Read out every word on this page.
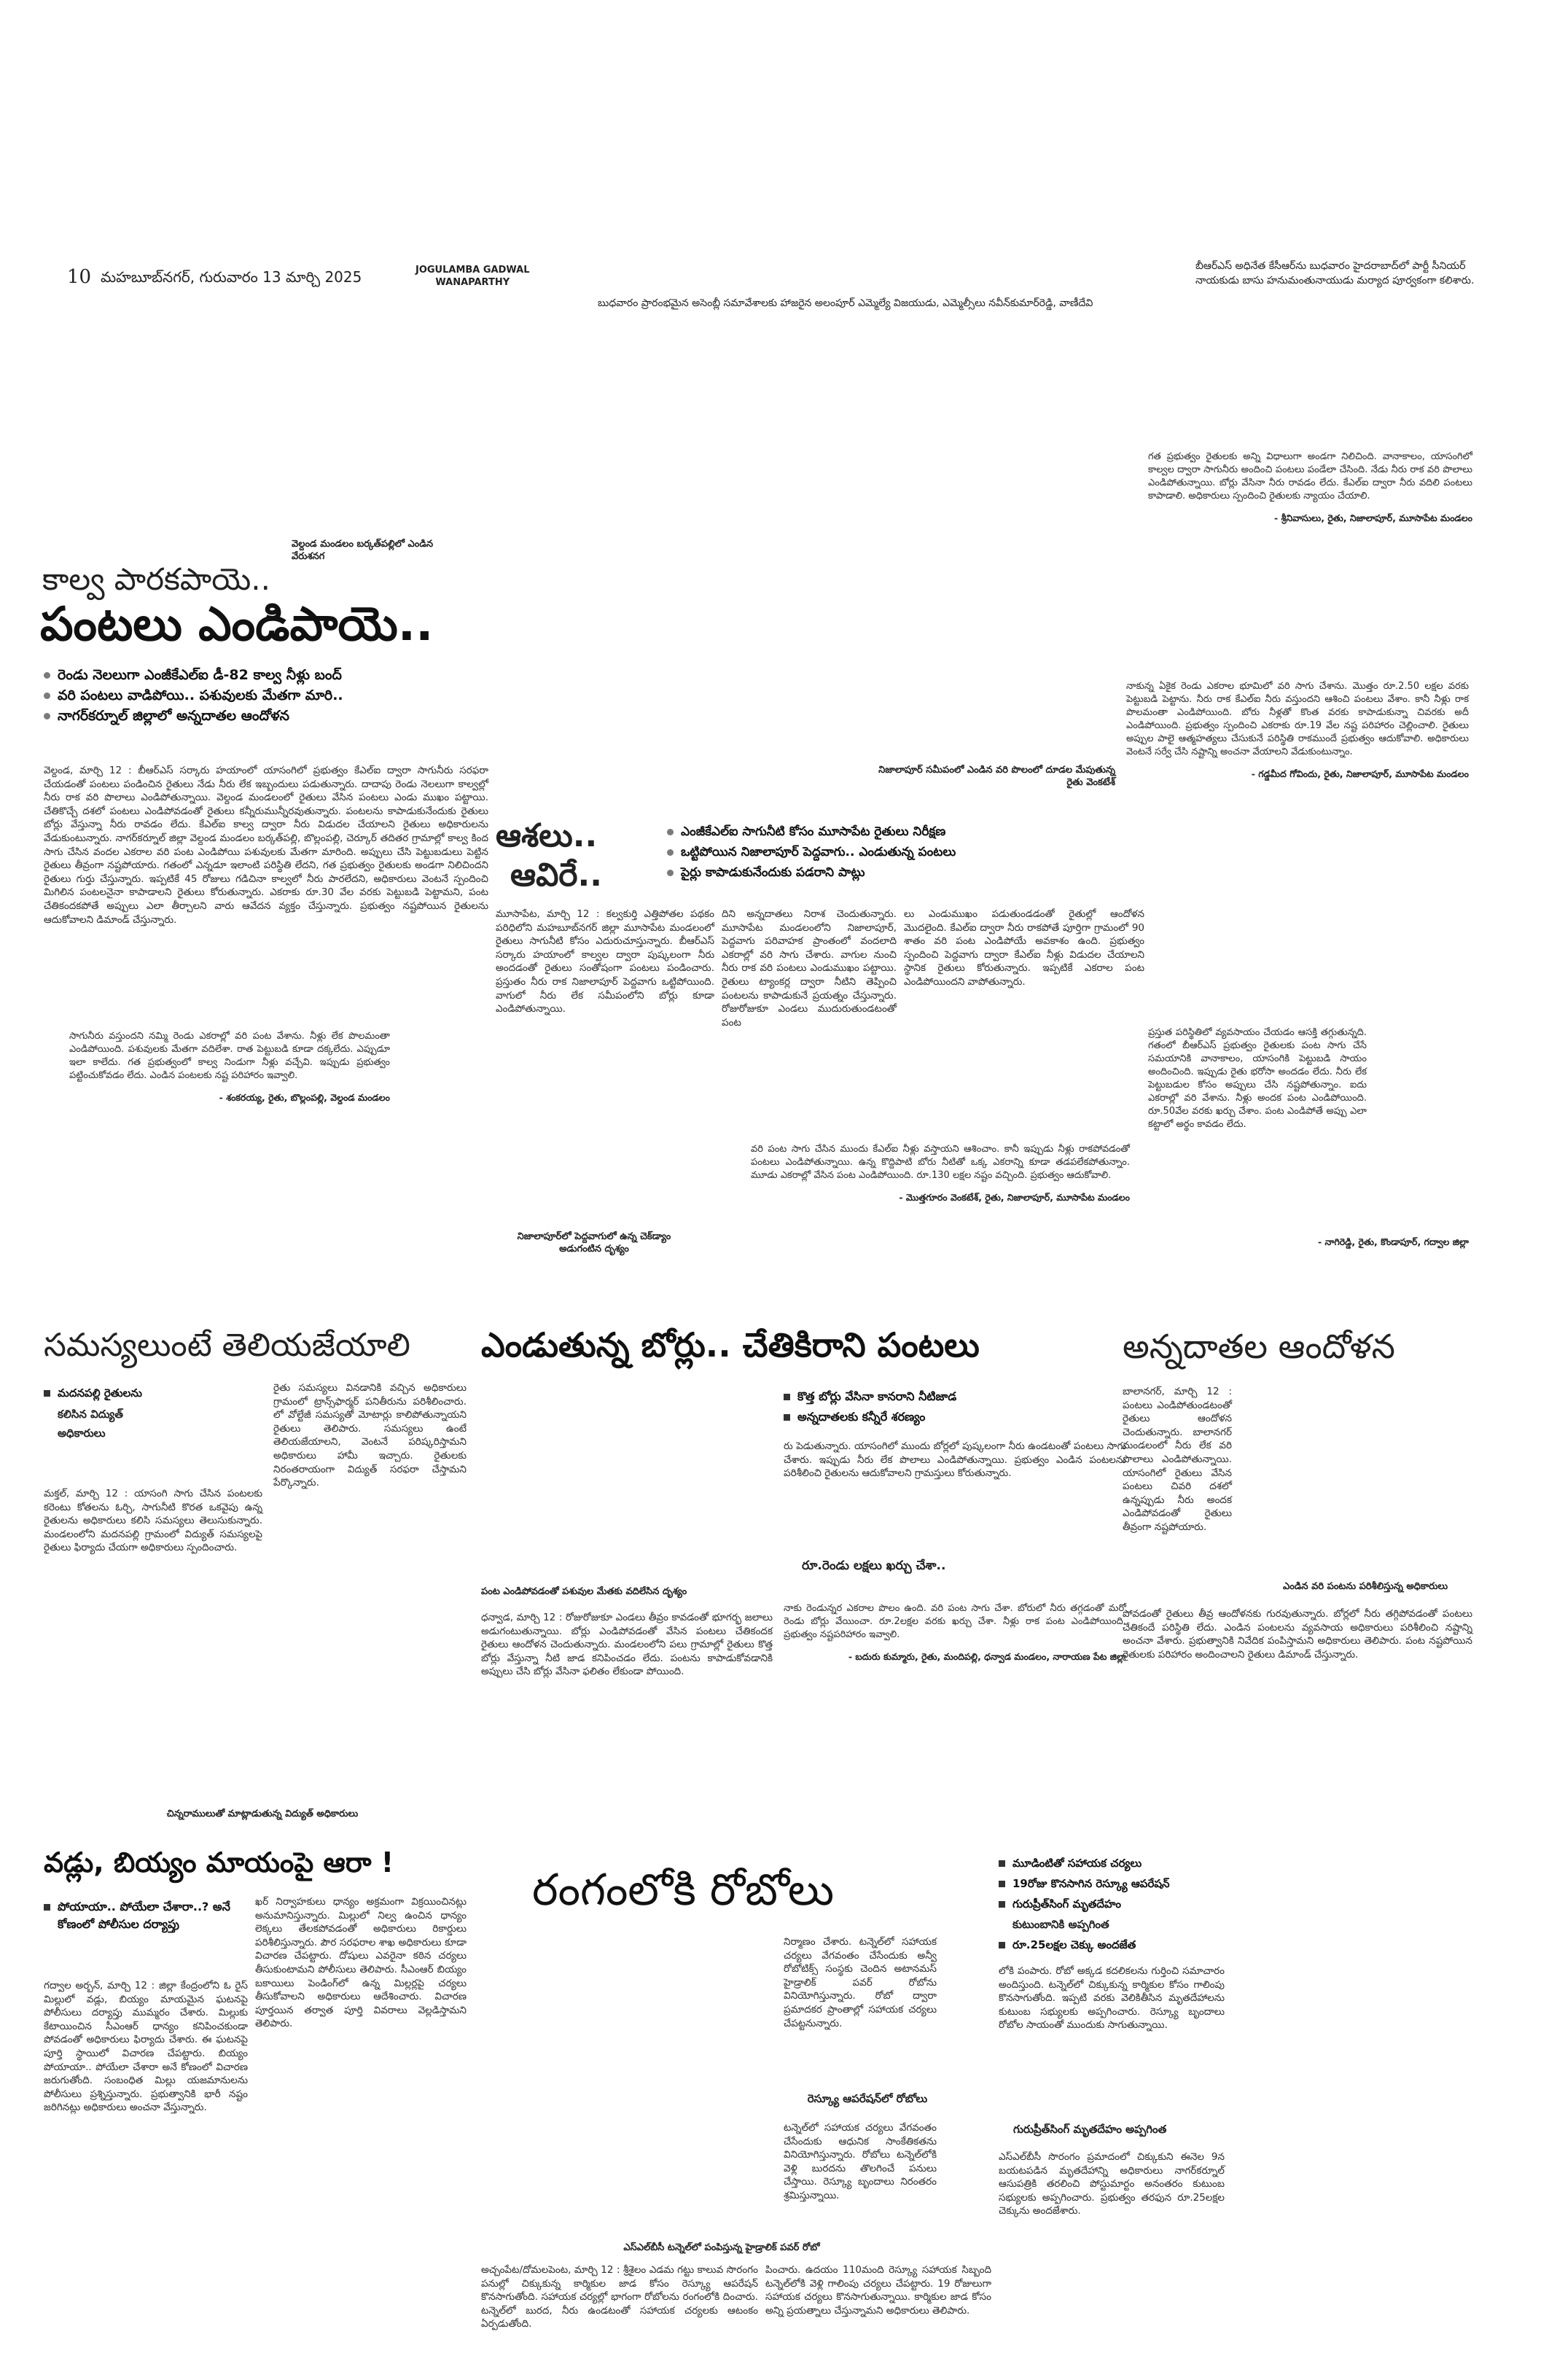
10 మహబూబ్‌నగర్, గురువారం 13 మార్చి 2025	JOGULAMBA GADWAL
WANAPARTHY
బుధవారం ప్రారంభమైన అసెంబ్లీ సమావేశాలకు హాజరైన అలంపూర్ ఎమ్మెల్యే విజయుడు, ఎమ్మెల్సీలు నవీన్‌కుమార్‌రెడ్డి, వాణీదేవి
బీఆర్‌ఎస్ అధినేత కేసీఆర్‌ను బుధవారం హైదరాబాద్‌లో పార్టీ సీనియర్ నాయకుడు బాసు హనుమంతునాయుడు మర్యాద పూర్వకంగా కలిశారు.

గత ప్రభుత్వం రైతులకు అన్ని విధాలుగా అండగా నిలిచింది. వానాకాలం, యాసంగిలో కాల్వల ద్వారా సాగునీరు అందించి పంటలు పండేలా చేసింది. నేడు నీరు రాక వరి పొలాలు ఎండిపోతున్నాయి. బోర్లు వేసినా నీరు రావడం లేదు. కేఎల్‌ఐ ద్వారా నీరు వదిలి పంటలు కాపాడాలి. అధికారులు స్పందించి రైతులకు న్యాయం చేయాలి.

- శ్రీనివాసులు, రైతు, నిజాలాపూర్, మూసాపేట మండలం
వెల్దండ మండలం బర్కత్‌పల్లిలో ఎండిన వేరుశనగ
కాల్వ పారకపాయె..
పంటలు ఎండిపాయె..
రెండు నెలలుగా ఎంజీకేఎల్‌ఐ డీ-82 కాల్వ నీళ్లు బంద్
వరి పంటలు వాడిపోయి.. పశువులకు మేతగా మారి..
నాగర్‌కర్నూల్ జిల్లాలో అన్నదాతల ఆందోళన

వెల్దండ, మార్చి 12 : బీఆర్‌ఎస్ సర్కారు హయాంలో యాసంగిలో ప్రభుత్వం కేఎల్‌ఐ ద్వారా సాగునీరు సరఫరా చేయడంతో పంటలు పండించిన రైతులు నేడు నీరు లేక ఇబ్బందులు పడుతున్నారు. దాదాపు రెండు నెలలుగా కాల్వల్లో నీరు రాక వరి పొలాలు ఎండిపోతున్నాయి. వెల్దండ మండలంలో రైతులు వేసిన పంటలు ఎండు ముఖం పట్టాయి. చేతికొచ్చే దశలో పంటలు ఎండిపోవడంతో రైతులు కన్నీరుమున్నీరవుతున్నారు. పంటలను కాపాడుకునేందుకు రైతులు బోర్లు వేస్తున్నా నీరు రావడం లేదు. కేఎల్‌ఐ కాల్వ ద్వారా నీరు విడుదల చేయాలని రైతులు అధికారులను వేడుకుంటున్నారు. నాగర్‌కర్నూల్ జిల్లా వెల్దండ మండలం బర్కత్‌పల్లి, బొల్లంపల్లి, చెర్కూర్ తదితర గ్రామాల్లో కాల్వ కింద సాగు చేసిన వందల ఎకరాల వరి పంట ఎండిపోయి పశువులకు మేతగా మారింది. అప్పులు చేసి పెట్టుబడులు పెట్టిన రైతులు తీవ్రంగా నష్టపోయారు. గతంలో ఎన్నడూ ఇలాంటి పరిస్థితి లేదని, గత ప్రభుత్వం రైతులకు అండగా నిలిచిందని రైతులు గుర్తు చేస్తున్నారు. ఇప్పటికే 45 రోజులు గడిచినా కాల్వలో నీరు పారలేదని, అధికారులు వెంటనే స్పందించి మిగిలిన పంటలనైనా కాపాడాలని రైతులు కోరుతున్నారు. ఎకరాకు రూ.30 వేల వరకు పెట్టుబడి పెట్టామని, పంట చేతికందకపోతే అప్పులు ఎలా తీర్చాలని వారు ఆవేదన వ్యక్తం చేస్తున్నారు. ప్రభుత్వం నష్టపోయిన రైతులను ఆదుకోవాలని డిమాండ్ చేస్తున్నారు.

సాగునీరు వస్తుందని నమ్మి రెండు ఎకరాల్లో వరి పంట వేశాను. నీళ్లు లేక పొలమంతా ఎండిపోయింది. పశువులకు మేతగా వదిలేశా. రాత పెట్టుబడి కూడా దక్కలేదు. ఎప్పుడూ ఇలా కాలేదు. గత ప్రభుత్వంలో కాల్వ నిండుగా నీళ్లు వచ్చేవి. ఇప్పుడు ప్రభుత్వం పట్టించుకోవడం లేదు. ఎండిన పంటలకు నష్ట పరిహారం ఇవ్వాలి.

- శంకరయ్య, రైతు, బొల్లంపల్లి, వెల్దండ మండలం
నిజాలాపూర్ సమీపంలో ఎండిన వరి పొలంలో దూడల మేపుతున్న రైతు వెంకటేశ్
ఆశలు..
ఆవిరే..
ఎంజీకేఎల్‌ఐ సాగునీటి కోసం మూసాపేట రైతులు నిరీక్షణ
ఒట్టిపోయిన నిజాలాపూర్ పెద్దవాగు.. ఎండుతున్న పంటలు
పైర్లు కాపాడుకునేందుకు పడరాని పాట్లు

మూసాపేట, మార్చి 12 : కల్వకుర్తి ఎత్తిపోతల పథకం పరిధిలోని మహబూబ్‌నగర్ జిల్లా మూసాపేట మండలంలో రైతులు సాగునీటి కోసం ఎదురుచూస్తున్నారు. బీఆర్‌ఎస్ సర్కారు హయాంలో కాల్వల ద్వారా పుష్కలంగా నీరు అందడంతో రైతులు సంతోషంగా పంటలు పండించారు. ప్రస్తుతం నీరు రాక నిజాలాపూర్ పెద్దవాగు ఒట్టిపోయింది. వాగులో నీరు లేక సమీపంలోని బోర్లు కూడా ఎండిపోతున్నాయి.

దిని అన్నదాతలు నిరాశ చెందుతున్నారు. మూసాపేట మండలంలోని నిజాలాపూర్, పెద్దవాగు పరివాహక ప్రాంతంలో వందలాది ఎకరాల్లో వరి సాగు చేశారు. వాగుల నుంచి నీరు రాక వరి పంటలు ఎండుముఖం పట్టాయి. రైతులు ట్యాంకర్ల ద్వారా నీటిని తెప్పించి పంటలను కాపాడుకునే ప్రయత్నం చేస్తున్నారు. రోజురోజుకూ ఎండలు ముదురుతుండటంతో పంట

లు ఎండుముఖం పడుతుండడంతో రైతుల్లో ఆందోళన మొదలైంది. కేఎల్‌ఐ ద్వారా నీరు రాకపోతే పూర్తిగా గ్రామంలో 90 శాతం వరి పంట ఎండిపోయే అవకాశం ఉంది. ప్రభుత్వం స్పందించి పెద్దవాగు ద్వారా కేఎల్‌ఐ నీళ్లు విడుదల చేయాలని స్థానిక రైతులు కోరుతున్నారు. ఇప్పటికే ఎకరాల పంట ఎండిపోయిందని వాపోతున్నారు.

వరి పంట సాగు చేసిన ముందు కేఎల్‌ఐ నీళ్లు వస్తాయని ఆశించాం. కానీ ఇప్పుడు నీళ్లు రాకపోవడంతో పంటలు ఎండిపోతున్నాయి. ఉన్న కొద్దిపాటి బోరు నీటితో ఒక్క ఎకరాన్ని కూడా తడపలేకపోతున్నాం. మూడు ఎకరాల్లో వేసిన పంట ఎండిపోయింది. రూ.130 లక్షల నష్టం వచ్చింది. ప్రభుత్వం ఆదుకోవాలి.

- మొత్తగూరం వెంకటేశ్, రైతు, నిజాలాపూర్, మూసాపేట మండలం
నిజాలాపూర్‌లో పెద్దవాగులో ఉన్న చెక్‌డ్యాం అడుగంటిన దృశ్యం

నాకున్న ఏకైక రెండు ఎకరాల భూమిలో వరి సాగు చేశాను. మొత్తం రూ.2.50 లక్షల వరకు పెట్టుబడి పెట్టాను. నీరు రాక కేఎల్‌ఐ నీరు వస్తుందని ఆశించి పంటలు వేశాం. కానీ నీళ్లు రాక పొలమంతా ఎండిపోయింది. బోరు నీళ్లతో కొంత వరకు కాపాడుకున్నా చివరకు అదీ ఎండిపోయింది. ప్రభుత్వం స్పందించి ఎకరాకు రూ.19 వేల నష్ట పరిహారం చెల్లించాలి. రైతులు అప్పుల పాలై ఆత్మహత్యలు చేసుకునే పరిస్థితి రాకముందే ప్రభుత్వం ఆదుకోవాలి. అధికారులు వెంటనే సర్వే చేసి నష్టాన్ని అంచనా వేయాలని వేడుకుంటున్నాం.

- గడ్డమీద గోవిందు, రైతు, నిజాలాపూర్, మూసాపేట మండలం

ప్రస్తుత పరిస్థితిలో వ్యవసాయం చేయడం ఆసక్తి తగ్గుతున్నది. గతంలో బీఆర్‌ఎస్ ప్రభుత్వం రైతులకు పంట సాగు చేసే సమయానికి వానాకాలం, యాసంగికి పెట్టుబడి సాయం అందించింది. ఇప్పుడు రైతు భరోసా అందడం లేదు. నీరు లేక పెట్టుబడుల కోసం అప్పులు చేసి నష్టపోతున్నాం. ఐదు ఎకరాల్లో వరి వేశాను. నీళ్లు అందక పంట ఎండిపోయింది. రూ.50వేల వరకు ఖర్చు చేశాం. పంట ఎండిపోతే అప్పు ఎలా కట్టాలో అర్థం కావడం లేదు.

- నాగిరెడ్డి, రైతు, కొండాపూర్, గద్వాల జిల్లా
సమస్యలుంటే తెలియజేయాలి ఎండుతున్న బోర్లు.. చేతికిరాని పంటలు	అన్నదాతల ఆందోళన
మదనపల్లి రైతులను
కలిసిన విద్యుత్
అధికారులు

మక్తల్, మార్చి 12 : యాసంగి సాగు చేసిన పంటలకు కరెంటు కోతలను ఓర్చి, సాగునీటి కొరత ఒకవైపు ఉన్న రైతులను అధికారులు కలిసి సమస్యలు తెలుసుకున్నారు. మండలంలోని మదనపల్లి గ్రామంలో విద్యుత్ సమస్యలపై రైతులు ఫిర్యాదు చేయగా అధికారులు స్పందించారు.

రైతు సమస్యలు వినడానికి వచ్చిన అధికారులు గ్రామంలో ట్రాన్స్‌ఫార్మర్ పనితీరును పరిశీలించారు. లో వోల్టేజీ సమస్యతో మోటార్లు కాలిపోతున్నాయని రైతులు తెలిపారు. సమస్యలు ఉంటే తెలియజేయాలని, వెంటనే పరిష్కరిస్తామని అధికారులు హామీ ఇచ్చారు. రైతులకు నిరంతరాయంగా విద్యుత్ సరఫరా చేస్తామని పేర్కొన్నారు.

చిన్నరాములుతో మాట్లాడుతున్న విద్యుత్ అధికారులు
కొత్త బోర్లు వేసినా కానరాని నీటిజాడ
అన్నదాతలకు కన్నీరే శరణ్యం

రు పెడుతున్నారు. యాసంగిలో ముందు బోర్లలో పుష్కలంగా నీరు ఉండటంతో పంటలు సాగు చేశారు. ఇప్పుడు నీరు లేక పొలాలు ఎండిపోతున్నాయి. ప్రభుత్వం ఎండిన పంటలను పరిశీలించి రైతులను ఆదుకోవాలని గ్రామస్తులు కోరుతున్నారు.

రూ.రెండు లక్షలు ఖర్చు చేశా..

నాకు రెండున్నర ఎకరాల పొలం ఉంది. వరి పంట సాగు చేశా. బోరులో నీరు తగ్గడంతో మరో రెండు బోర్లు వేయించా. రూ.2లక్షల వరకు ఖర్చు చేశా. నీళ్లు రాక పంట ఎండిపోయింది. ప్రభుత్వం నష్టపరిహారం ఇవ్వాలి.

- బదురు కుమ్మారు, రైతు, మందిపల్లి, ధన్వాడ మండలం, నారాయణ పేట జిల్లా
పంట ఎండిపోవడంతో పశువుల మేతకు వదిలేసిన దృశ్యం

ధన్వాడ, మార్చి 12 : రోజురోజుకూ ఎండలు తీవ్రం కావడంతో భూగర్భ జలాలు అడుగంటుతున్నాయి. బోర్లు ఎండిపోవడంతో వేసిన పంటలు చేతికందక రైతులు ఆందోళన చెందుతున్నారు. మండలంలోని పలు గ్రామాల్లో రైతులు కొత్త బోర్లు వేస్తున్నా నీటి జాడ కనిపించడం లేదు. పంటను కాపాడుకోవడానికి అప్పులు చేసి బోర్లు వేసినా ఫలితం లేకుండా పోయింది.

బాలానగర్, మార్చి 12 : పంటలు ఎండిపోతుండటంతో రైతులు ఆందోళన చెందుతున్నారు. బాలానగర్ మండలంలో నీరు లేక వరి పొలాలు ఎండిపోతున్నాయి. యాసంగిలో రైతులు వేసిన పంటలు చివరి దశలో ఉన్నప్పుడు నీరు అందక ఎండిపోవడంతో రైతులు తీవ్రంగా నష్టపోయారు.

ఎండిన వరి పంటను పరిశీలిస్తున్న అధికారులు

పోవడంతో రైతులు తీవ్ర ఆందోళనకు గురవుతున్నారు. బోర్లలో నీరు తగ్గిపోవడంతో పంటలు చేతికందే పరిస్థితి లేదు. ఎండిన పంటలను వ్యవసాయ అధికారులు పరిశీలించి నష్టాన్ని అంచనా వేశారు. ప్రభుత్వానికి నివేదిక పంపిస్తామని అధికారులు తెలిపారు. పంట నష్టపోయిన రైతులకు పరిహారం అందించాలని రైతులు డిమాండ్ చేస్తున్నారు.

వడ్లు, బియ్యం మాయంపై ఆరా !
పోయాయా.. పోయేలా చేశారా..? అనే కోణంలో పోలీసుల దర్యాప్తు

గద్వాల అర్బన్, మార్చి 12 : జిల్లా కేంద్రంలోని ఓ రైస్ మిల్లులో వడ్లు, బియ్యం మాయమైన ఘటనపై పోలీసులు దర్యాప్తు ముమ్మరం చేశారు. మిల్లుకు కేటాయించిన సీఎంఆర్ ధాన్యం కనిపించకుండా పోవడంతో అధికారులు ఫిర్యాదు చేశారు. ఈ ఘటనపై పూర్తి స్థాయిలో విచారణ చేపట్టారు. బియ్యం పోయాయా.. పోయేలా చేశారా అనే కోణంలో విచారణ జరుగుతోంది. సంబంధిత మిల్లు యజమానులను పోలీసులు ప్రశ్నిస్తున్నారు. ప్రభుత్వానికి భారీ నష్టం జరిగినట్లు అధికారులు అంచనా వేస్తున్నారు.

ఖర్ నిర్వాహకులు ధాన్యం అక్రమంగా విక్రయించినట్లు అనుమానిస్తున్నారు. మిల్లులో నిల్వ ఉంచిన ధాన్యం లెక్కలు తేలకపోవడంతో అధికారులు రికార్డులు పరిశీలిస్తున్నారు. పౌర సరఫరాల శాఖ అధికారులు కూడా విచారణ చేపట్టారు. దోషులు ఎవరైనా కఠిన చర్యలు తీసుకుంటామని పోలీసులు తెలిపారు. సీఎంఆర్ బియ్యం బకాయిలు పెండింగ్‌లో ఉన్న మిల్లర్లపై చర్యలు తీసుకోవాలని అధికారులు ఆదేశించారు. విచారణ పూర్తయిన తర్వాత పూర్తి వివరాలు వెల్లడిస్తామని తెలిపారు.

రంగంలోకి రోబోలు

నిర్మాణం చేశారు. టన్నెల్‌లో సహాయక చర్యలు వేగవంతం చేసేందుకు అన్వీ రోబోటిక్స్ సంస్థకు చెందిన అటానమస్ హైడ్రాలిక్ పవర్ రోబోను వినియోగిస్తున్నారు. రోబో ద్వారా ప్రమాదకర ప్రాంతాల్లో సహాయక చర్యలు చేపట్టనున్నారు.

రెస్క్యూ ఆపరేషన్‌లో రోబోలు

టన్నెల్‌లో సహాయక చర్యలు వేగవంతం చేసేందుకు ఆధునిక సాంకేతికతను వినియోగిస్తున్నారు. రోబోలు టన్నెల్‌లోకి వెళ్లి బురదను తొలగించే పనులు చేస్తాయి. రెస్క్యూ బృందాలు నిరంతరం శ్రమిస్తున్నాయి.

ఎస్‌ఎల్‌బీసీ టన్నెల్‌లో పంపిస్తున్న హైడ్రాలిక్ పవర్ రోబో

అచ్చంపేట/దోమలపెంట, మార్చి 12 : శ్రీశైలం ఎడమ గట్టు కాలువ సొరంగం పనుల్లో చిక్కుకున్న కార్మికుల జాడ కోసం రెస్క్యూ ఆపరేషన్ కొనసాగుతోంది. సహాయక చర్యల్లో భాగంగా రోబోలను రంగంలోకి దించారు. టన్నెల్‌లో బురద, నీరు ఉండటంతో సహాయక చర్యలకు ఆటంకం ఏర్పడుతోంది.

పించారు. ఉదయం 110మంది రెస్క్యూ సహాయక సిబ్బంది టన్నెల్‌లోకి వెళ్లి గాలింపు చర్యలు చేపట్టారు. 19 రోజులుగా సహాయక చర్యలు కొనసాగుతున్నాయి. కార్మికుల జాడ కోసం అన్ని ప్రయత్నాలు చేస్తున్నామని అధికారులు తెలిపారు.

మూడింటితో సహాయక చర్యలు
19రోజు కొనసాగిన రెస్క్యూ ఆపరేషన్
గురుప్రీత్‌సింగ్ మృతదేహం
కుటుంబానికి అప్పగింత
రూ.25లక్షల చెక్కు అందజేత

లోకి పంపారు. రోబో అక్కడ కదలికలను గుర్తించి సమాచారం అందిస్తుంది. టన్నెల్‌లో చిక్కుకున్న కార్మికుల కోసం గాలింపు కొనసాగుతోంది. ఇప్పటి వరకు వెలికితీసిన మృతదేహాలను కుటుంబ సభ్యులకు అప్పగించారు. రెస్క్యూ బృందాలు రోబోల సాయంతో ముందుకు సాగుతున్నాయి.

గురుప్రీత్‌సింగ్ మృతదేహం అప్పగింత

ఎస్‌ఎల్‌బీసీ సొరంగం ప్రమాదంలో చిక్కుకుని ఈనెల 9న బయటపడిన మృతదేహాన్ని అధికారులు నాగర్‌కర్నూల్ ఆసుపత్రికి తరలించి పోస్టుమార్టం అనంతరం కుటుంబ సభ్యులకు అప్పగించారు. ప్రభుత్వం తరఫున రూ.25లక్షల చెక్కును అందజేశారు.
